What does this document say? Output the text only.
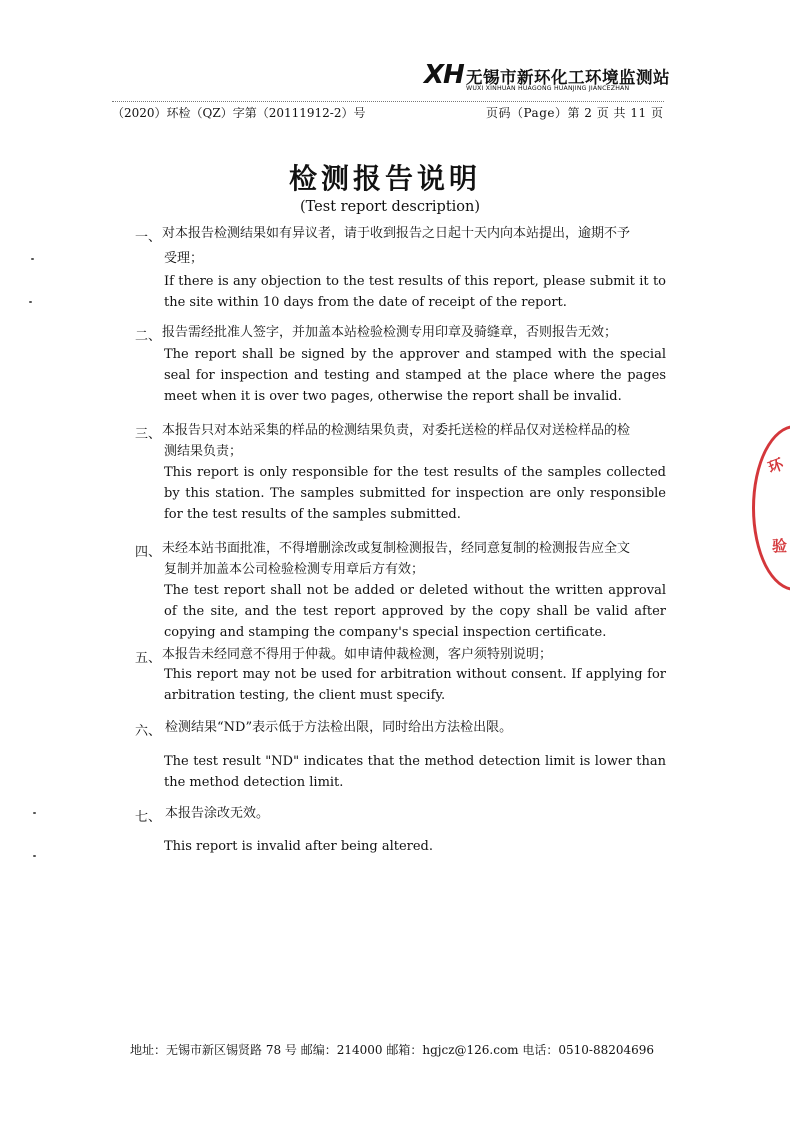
XH 无锡市新环化工环境监测站
WUXI XINHUAN HUAGONG HUANJING JIANCEZHAN
（2020）环检（QZ）字第（20111912-2）号	页码（Page）第 2 页 共 11 页
检测报告说明
(Test report description)
一、 对本报告检测结果如有异议者，请于收到报告之日起十天内向本站提出，逾期不予
受理；
If there is any objection to the test results of this report, please submit it to the site within 10 days from the date of receipt of the report.
二、 报告需经批准人签字，并加盖本站检验检测专用印章及骑缝章，否则报告无效；
The report shall be signed by the approver and stamped with the special seal for inspection and testing and stamped at the place where the pages meet when it is over two pages, otherwise the report shall be invalid.
三、 本报告只对本站采集的样品的检测结果负责，对委托送检的样品仅对送检样品的检
测结果负责；
This report is only responsible for the test results of the samples collected by this station. The samples submitted for inspection are only responsible for the test results of the samples submitted.
四、 未经本站书面批准，不得增删涂改或复制检测报告，经同意复制的检测报告应全文
复制并加盖本公司检验检测专用章后方有效；
The test report shall not be added or deleted without the written approval of the site, and the test report approved by the copy shall be valid after copying and stamping the company's special inspection certificate.
五、 本报告未经同意不得用于仲裁。如申请仲裁检测，客户须特别说明；
This report may not be used for arbitration without consent. If applying for arbitration testing, the client must specify.
六、 检测结果“ND”表示低于方法检出限，同时给出方法检出限。
The test result "ND" indicates that the method detection limit is lower than the method detection limit.
七、 本报告涂改无效。
This report is invalid after being altered.
地址：无锡市新区锡贤路 78 号 邮编：214000 邮箱：hgjcz@126.com 电话：0510-88204696
环
验
